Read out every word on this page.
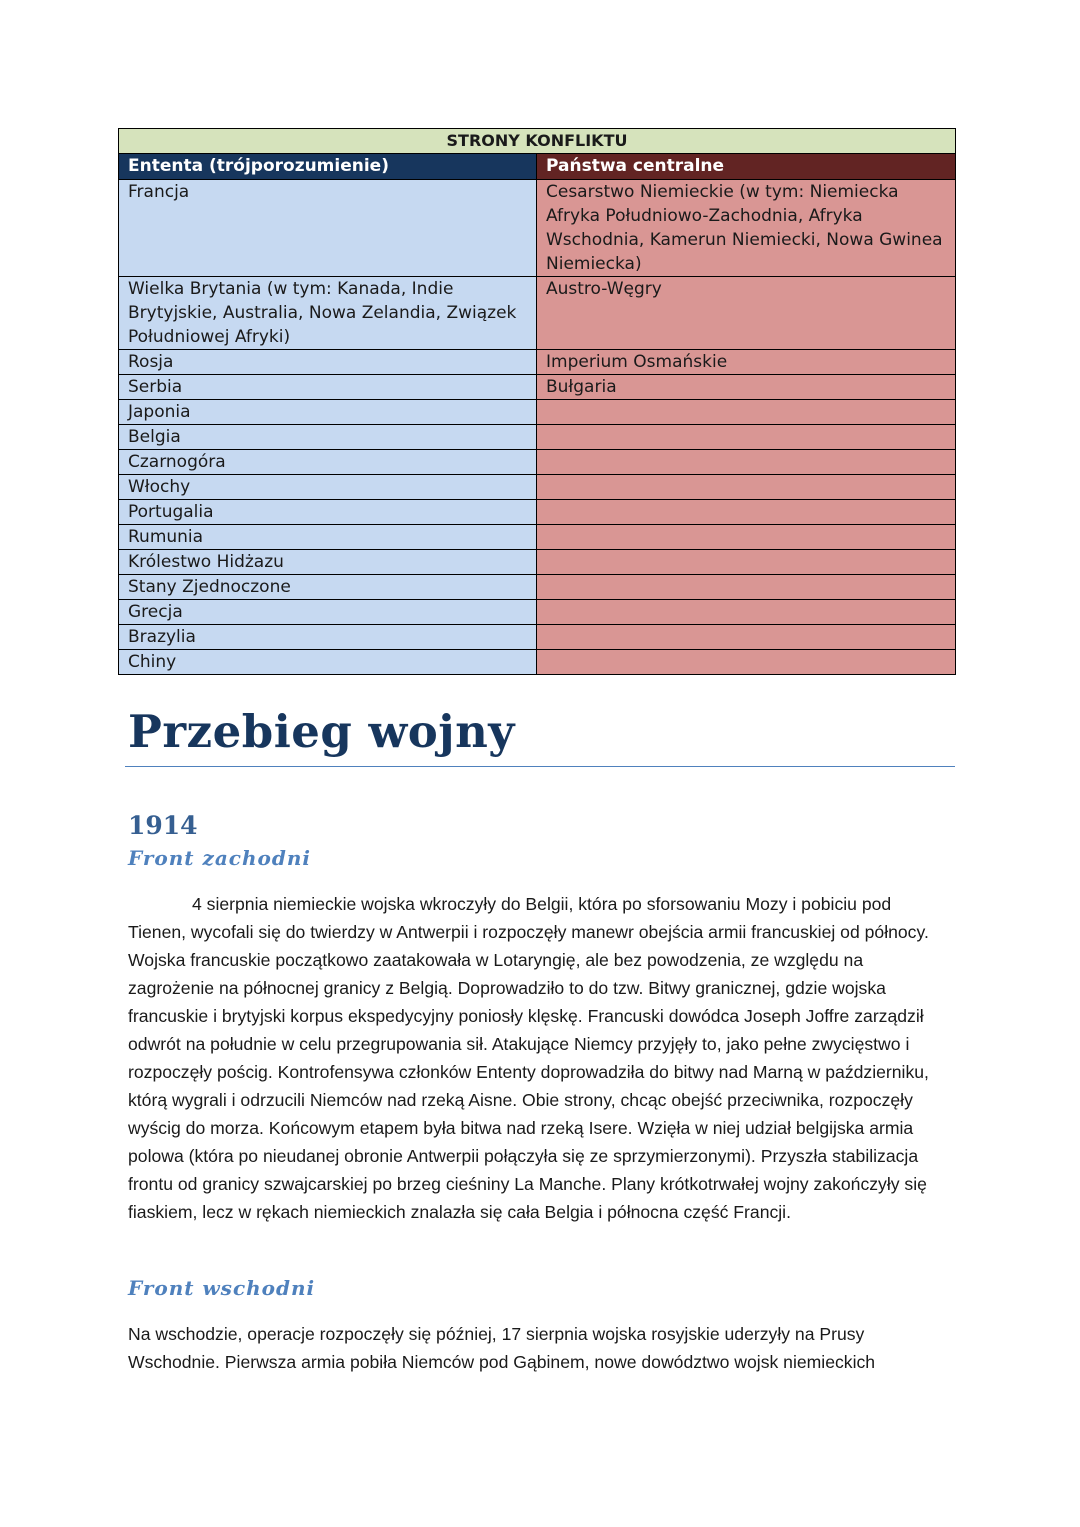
STRONY KONFLIKTU	
Ententa (trójporozumienie)	Państwa centralne
Francja	Cesarstwo Niemieckie (w tym: Niemiecka Afryka Południowo-Zachodnia, Afryka Wschodnia, Kamerun Niemiecki, Nowa Gwinea Niemiecka)
Wielka Brytania (w tym: Kanada, Indie Brytyjskie, Australia, Nowa Zelandia, Związek Południowej Afryki)	Austro-Węgry
Rosja	Imperium Osmańskie
Serbia	Bułgaria
Japonia	
Belgia	
Czarnogóra	
Włochy	
Portugalia	
Rumunia	
Królestwo Hidżazu	
Stany Zjednoczone	
Grecja	
Brazylia	
Chiny	
Przebieg wojny
1914
Front zachodni

4 sierpnia niemieckie wojska wkroczyły do Belgii, która po sforsowaniu Mozy i pobiciu pod Tienen, wycofali się do twierdzy w Antwerpii i rozpoczęły manewr obejścia armii francuskiej od północy. Wojska francuskie początkowo zaatakowała w Lotaryngię, ale bez powodzenia, ze względu na zagrożenie na północnej granicy z Belgią. Doprowadziło to do tzw. Bitwy granicznej, gdzie wojska francuskie i brytyjski korpus ekspedycyjny poniosły klęskę. Francuski dowódca Joseph Joffre zarządził odwrót na południe w celu przegrupowania sił. Atakujące Niemcy przyjęły to, jako pełne zwycięstwo i rozpoczęły pościg. Kontrofensywa członków Ententy doprowadziła do bitwy nad Marną w październiku, którą wygrali i odrzucili Niemców nad rzeką Aisne. Obie strony, chcąc obejść przeciwnika, rozpoczęły wyścig do morza. Końcowym etapem była bitwa nad rzeką Isere. Wzięła w niej udział belgijska armia polowa (która po nieudanej obronie Antwerpii połączyła się ze sprzymierzonymi). Przyszła stabilizacja frontu od granicy szwajcarskiej po brzeg cieśniny La Manche. Plany krótkotrwałej wojny zakończyły się fiaskiem, lecz w rękach niemieckich znalazła się cała Belgia i północna część Francji.

Front wschodni

Na wschodzie, operacje rozpoczęły się później, 17 sierpnia wojska rosyjskie uderzyły na Prusy Wschodnie. Pierwsza armia pobiła Niemców pod Gąbinem, nowe dowództwo wojsk niemieckich
